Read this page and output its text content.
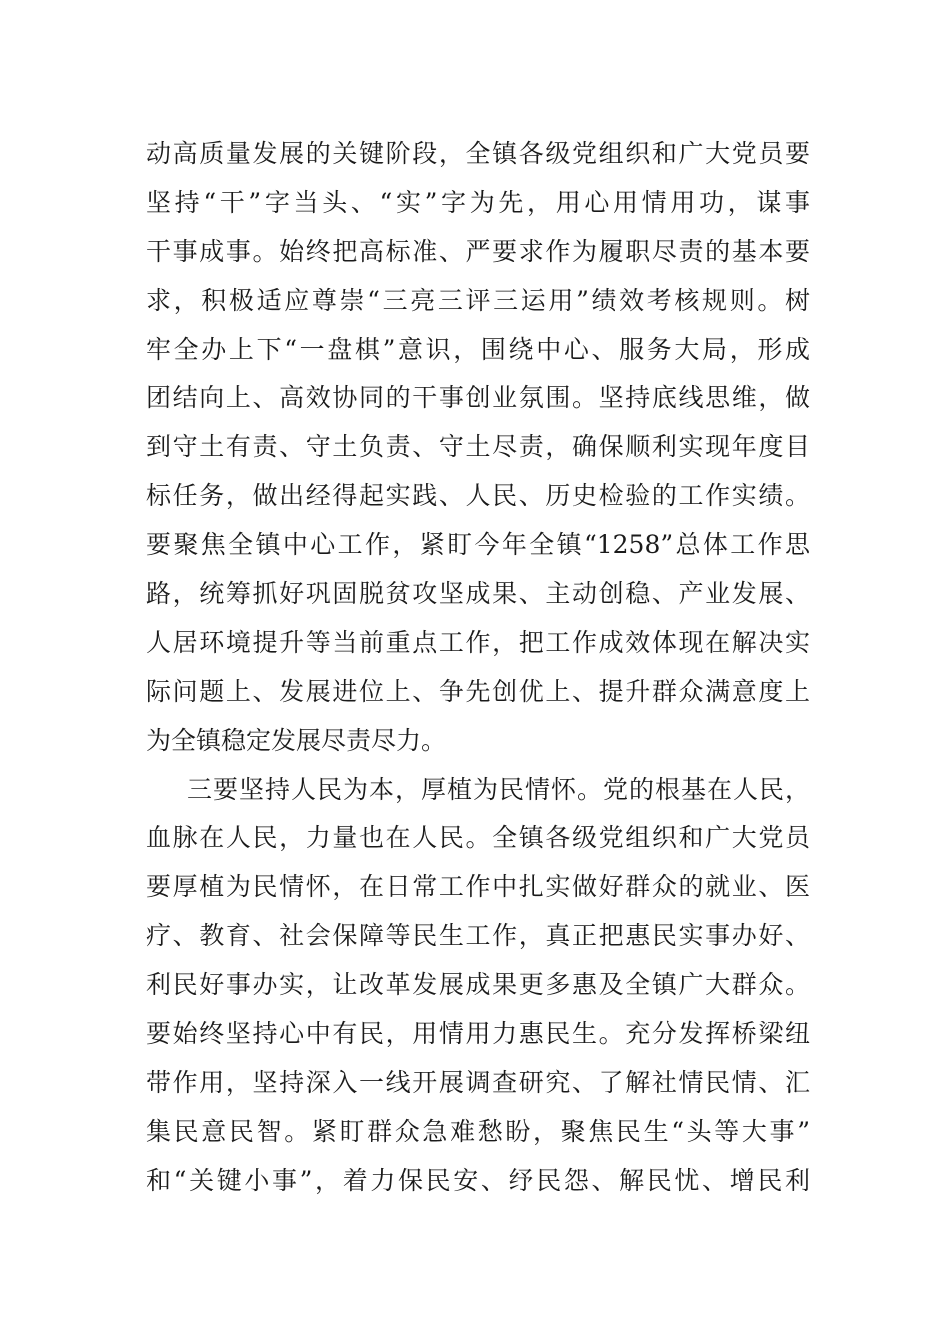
动高质量发展的关键阶段，全镇各级党组织和广大党员要
坚持“干”字当头、“实”字为先，用心用情用功，谋事
干事成事。始终把高标准、严要求作为履职尽责的基本要
求，积极适应尊崇“三亮三评三运用”绩效考核规则。树
牢全办上下“一盘棋”意识，围绕中心、服务大局，形成
团结向上、高效协同的干事创业氛围。坚持底线思维，做
到守土有责、守土负责、守土尽责，确保顺利实现年度目
标任务，做出经得起实践、人民、历史检验的工作实绩。
要聚焦全镇中心工作，紧盯今年全镇“1258”总体工作思
路，统筹抓好巩固脱贫攻坚成果、主动创稳、产业发展、
人居环境提升等当前重点工作，把工作成效体现在解决实
际问题上、发展进位上、争先创优上、提升群众满意度上
为全镇稳定发展尽责尽力。
三要坚持人民为本，厚植为民情怀。党的根基在人民，
血脉在人民，力量也在人民。全镇各级党组织和广大党员
要厚植为民情怀，在日常工作中扎实做好群众的就业、医
疗、教育、社会保障等民生工作，真正把惠民实事办好、
利民好事办实，让改革发展成果更多惠及全镇广大群众。
要始终坚持心中有民，用情用力惠民生。充分发挥桥梁纽
带作用，坚持深入一线开展调查研究、了解社情民情、汇
集民意民智。紧盯群众急难愁盼，聚焦民生“头等大事”
和“关键小事”，着力保民安、纾民怨、解民忧、增民利
